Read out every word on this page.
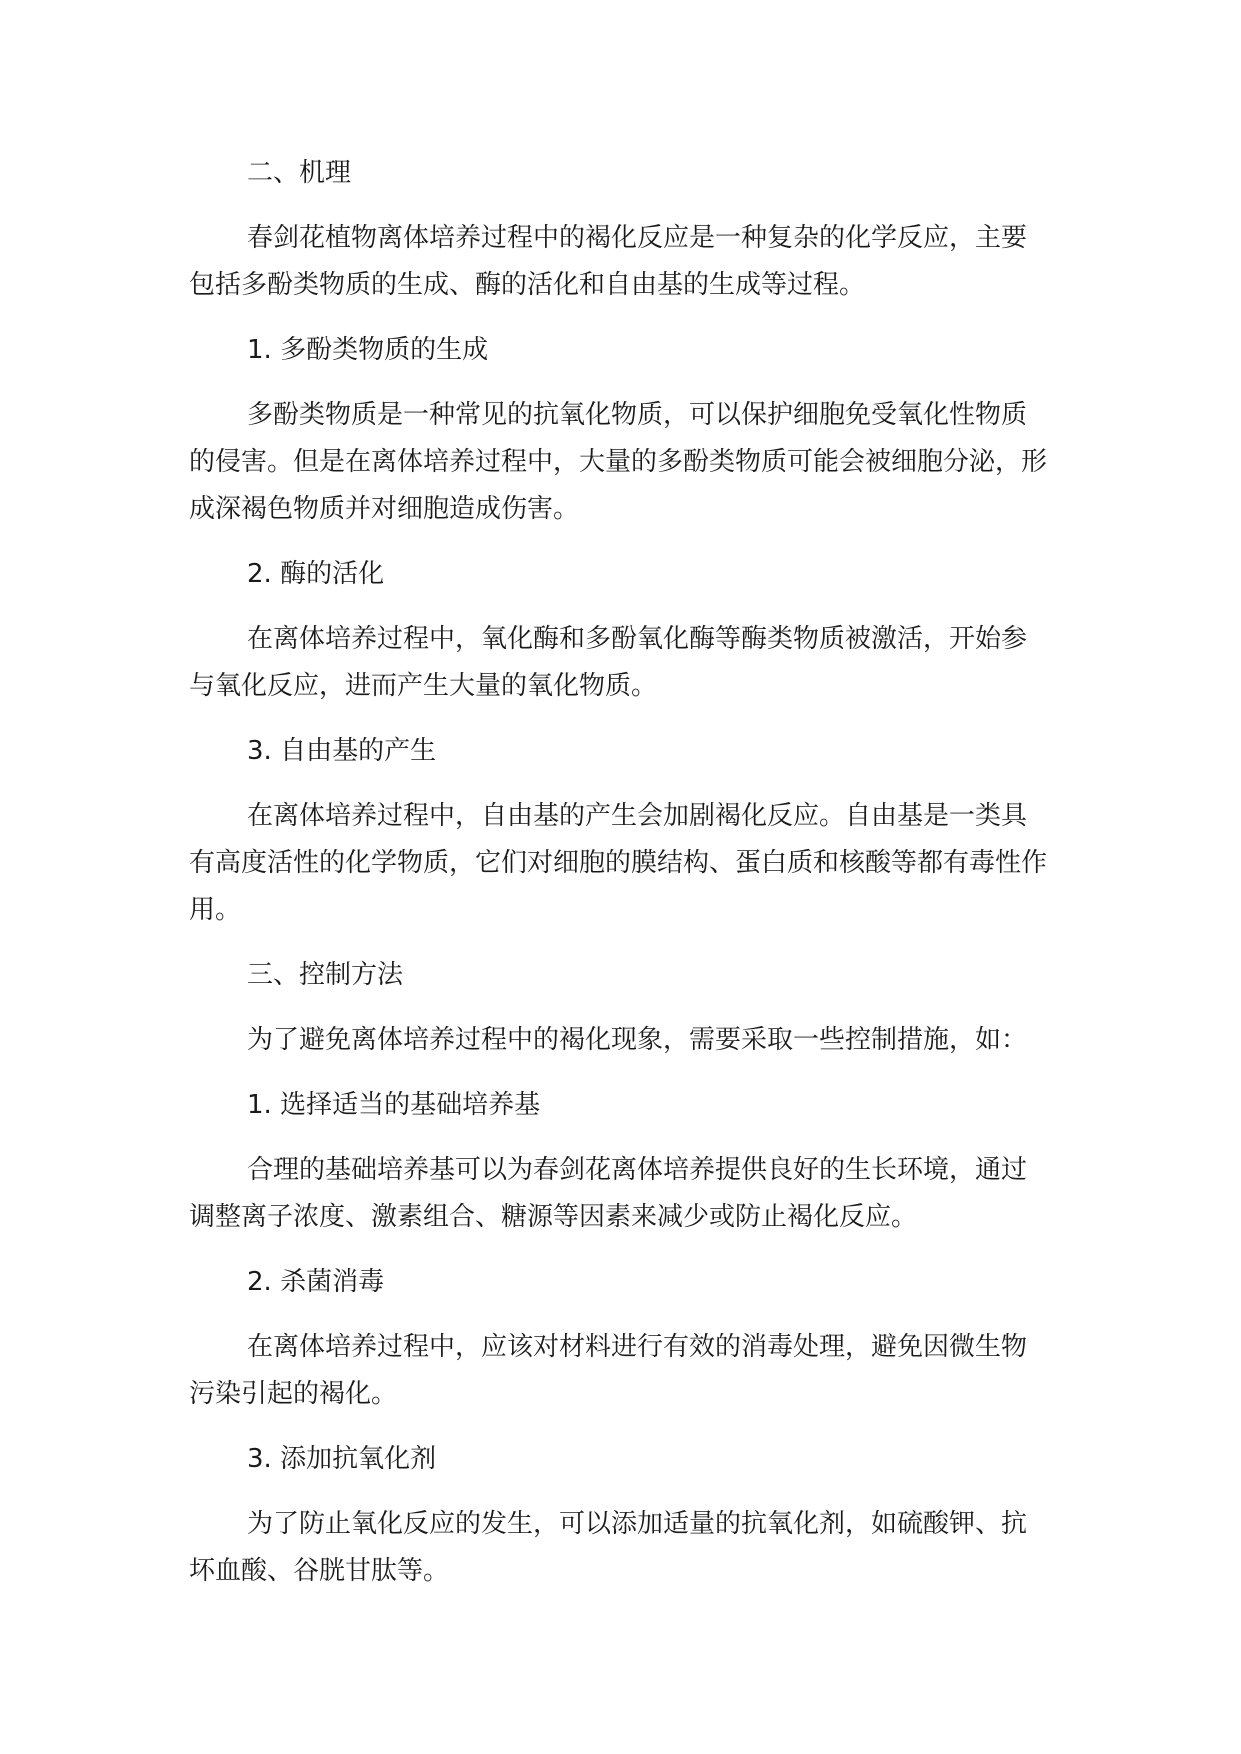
二、机理

春剑花植物离体培养过程中的褐化反应是一种复杂的化学反应，主要包括多酚类物质的生成、酶的活化和自由基的生成等过程。

1. 多酚类物质的生成

多酚类物质是一种常见的抗氧化物质，可以保护细胞免受氧化性物质的侵害。但是在离体培养过程中，大量的多酚类物质可能会被细胞分泌，形成深褐色物质并对细胞造成伤害。

2. 酶的活化

在离体培养过程中，氧化酶和多酚氧化酶等酶类物质被激活，开始参与氧化反应，进而产生大量的氧化物质。

3. 自由基的产生

在离体培养过程中，自由基的产生会加剧褐化反应。自由基是一类具有高度活性的化学物质，它们对细胞的膜结构、蛋白质和核酸等都有毒性作用。

三、控制方法

为了避免离体培养过程中的褐化现象，需要采取一些控制措施，如：

1. 选择适当的基础培养基

合理的基础培养基可以为春剑花离体培养提供良好的生长环境，通过调整离子浓度、激素组合、糖源等因素来减少或防止褐化反应。

2. 杀菌消毒

在离体培养过程中，应该对材料进行有效的消毒处理，避免因微生物污染引起的褐化。

3. 添加抗氧化剂

为了防止氧化反应的发生，可以添加适量的抗氧化剂，如硫酸钾、抗坏血酸、谷胱甘肽等。
